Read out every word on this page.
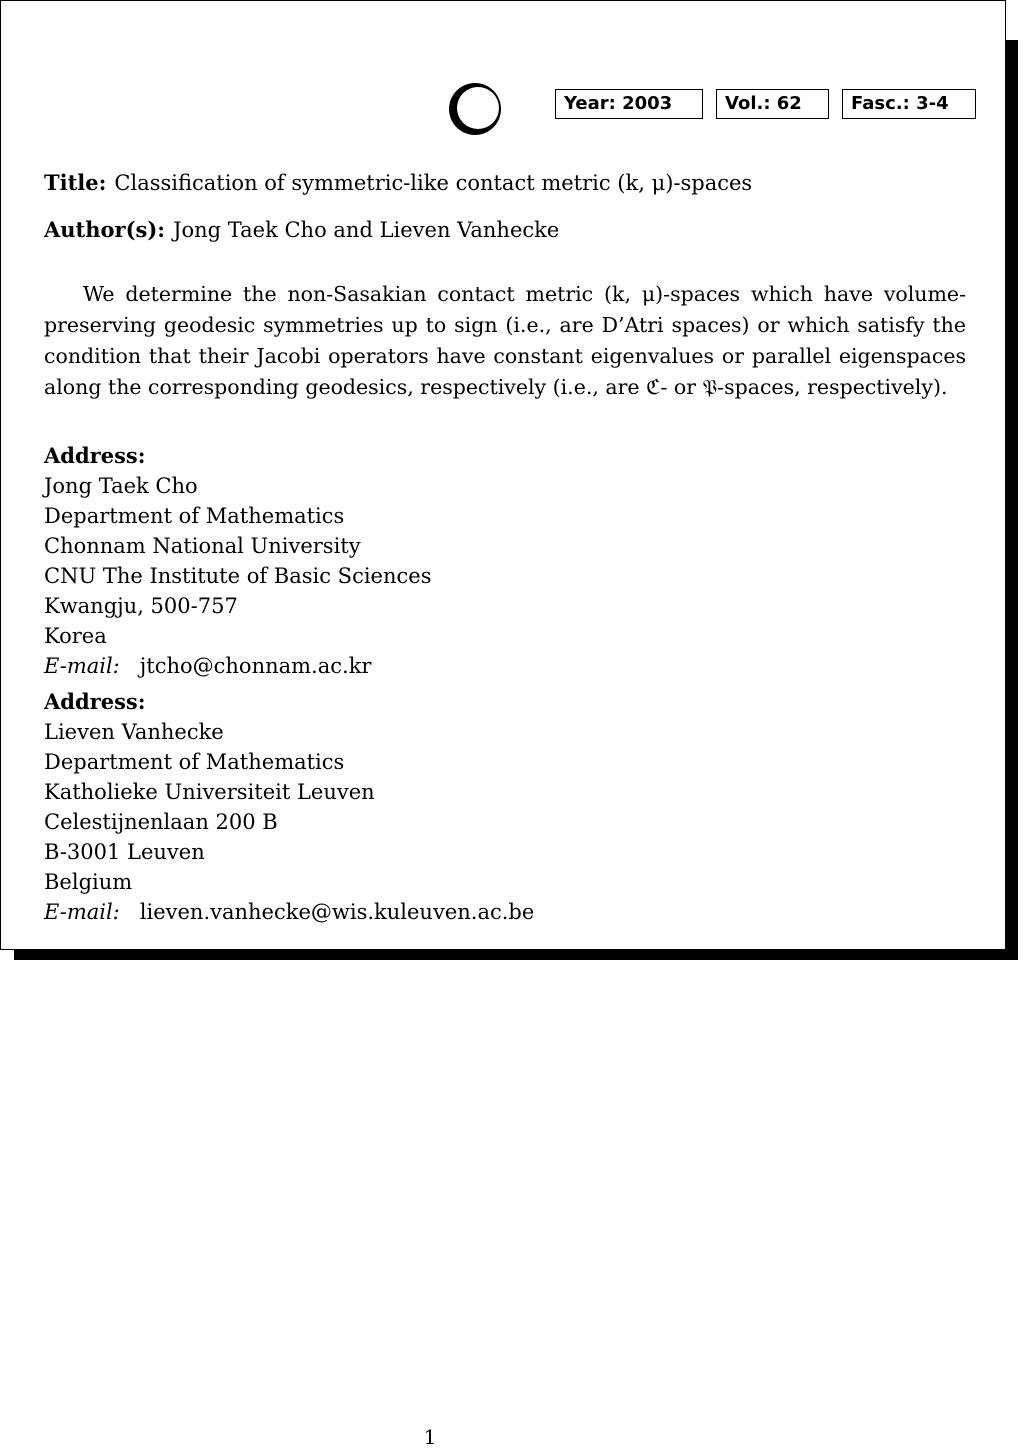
Year: 2003	Vol.: 62	Fasc.: 3-4
Title: Classification of symmetric-like contact metric (k, μ)-spaces
Author(s): Jong Taek Cho and Lieven Vanhecke

We determine the non-Sasakian contact metric (k, μ)-spaces which have volume-preserving geodesic symmetries up to sign (i.e., are D’Atri spaces) or which satisfy the condition that their Jacobi operators have constant eigenvalues or parallel eigenspaces along the corresponding geodesics, respectively (i.e., are ℭ- or 𝔓-spaces, respectively).

Address:
Jong Taek Cho
Department of Mathematics
Chonnam National University
CNU The Institute of Basic Sciences
Kwangju, 500-757
Korea
E-mail: jtcho@chonnam.ac.kr
Address:
Lieven Vanhecke
Department of Mathematics
Katholieke Universiteit Leuven
Celestijnenlaan 200 B
B-3001 Leuven
Belgium
E-mail: lieven.vanhecke@wis.kuleuven.ac.be
1
